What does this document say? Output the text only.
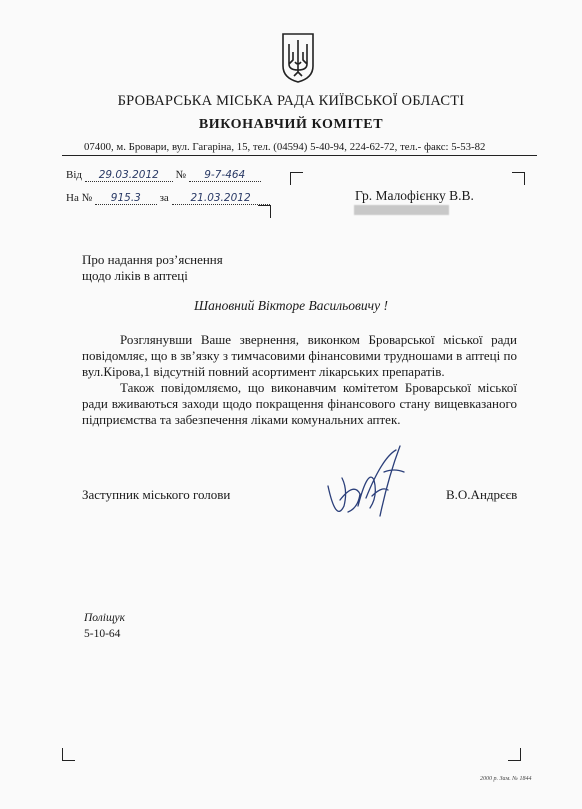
БРОВАРСЬКА МІСЬКА РАДА КИЇВСЬКОЇ ОБЛАСТІ
ВИКОНАВЧИЙ КОМІТЕТ
07400, м. Бровари, вул. Гагаріна, 15, тел. (04594) 5-40-94, 224-62-72, тел.- факс: 5-53-82
Від 29.03.2012 № 9-7-464
На № 915.3 за 21.03.2012	Гр. Малофієнку В.В.
Про надання роз’яснення
щодо ліків в аптеці
Шановний Вікторе Васильовичу !
Розглянувши Ваше звернення, виконком Броварської міської ради повідомляє, що в зв’язку з тимчасовими фінансовими трудношами в аптеці по вул.Кірова,1 відсутній повний асортимент лікарських препаратів.
Також повідомляємо, що виконавчим комітетом Броварської міської ради вживаються заходи щодо покращення фінансового стану вищевказаного підприємства та забезпечення ліками комунальних аптек.
Заступник міського голови	В.О.Андрєєв
Поліщук
5-10-64
2000 р. Зам. № 1844
